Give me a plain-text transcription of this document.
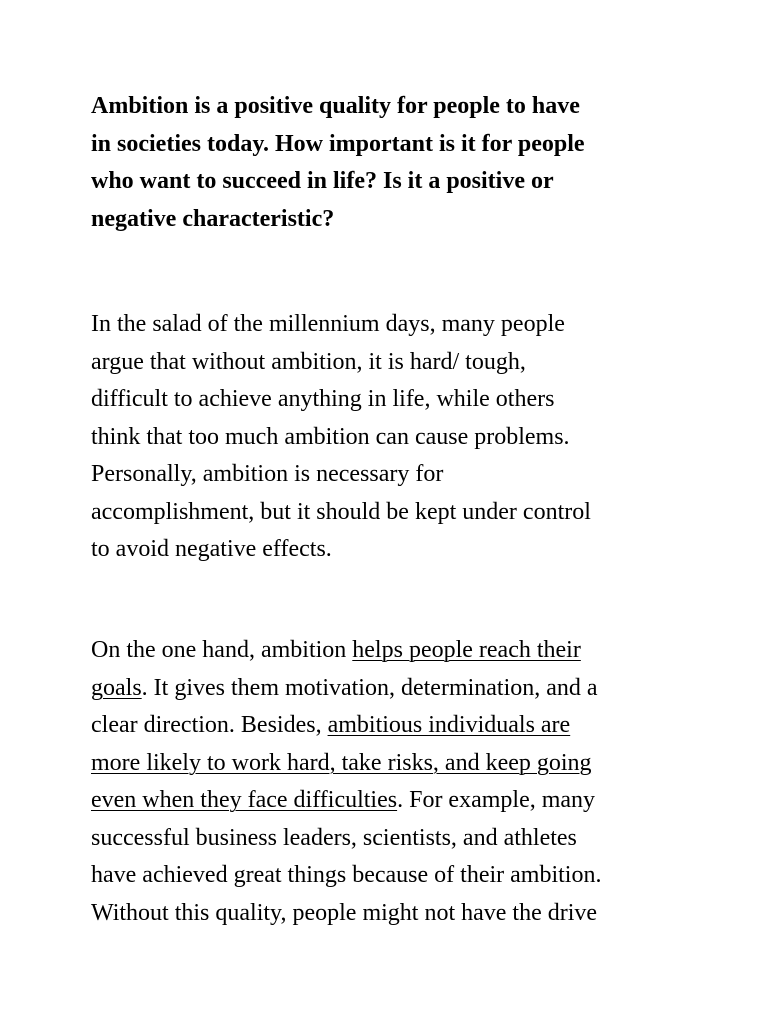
Ambition is a positive quality for people to have
in societies today. How important is it for people
who want to succeed in life? Is it a positive or
negative characteristic?
In the salad of the millennium days, many people
argue that without ambition, it is hard/ tough,
difficult to achieve anything in life, while others
think that too much ambition can cause problems.
Personally, ambition is necessary for
accomplishment, but it should be kept under control
to avoid negative effects.
On the one hand, ambition helps people reach their
goals. It gives them motivation, determination, and a
clear direction. Besides, ambitious individuals are
more likely to work hard, take risks, and keep going
even when they face difficulties. For example, many
successful business leaders, scientists, and athletes
have achieved great things because of their ambition.
Without this quality, people might not have the drive
